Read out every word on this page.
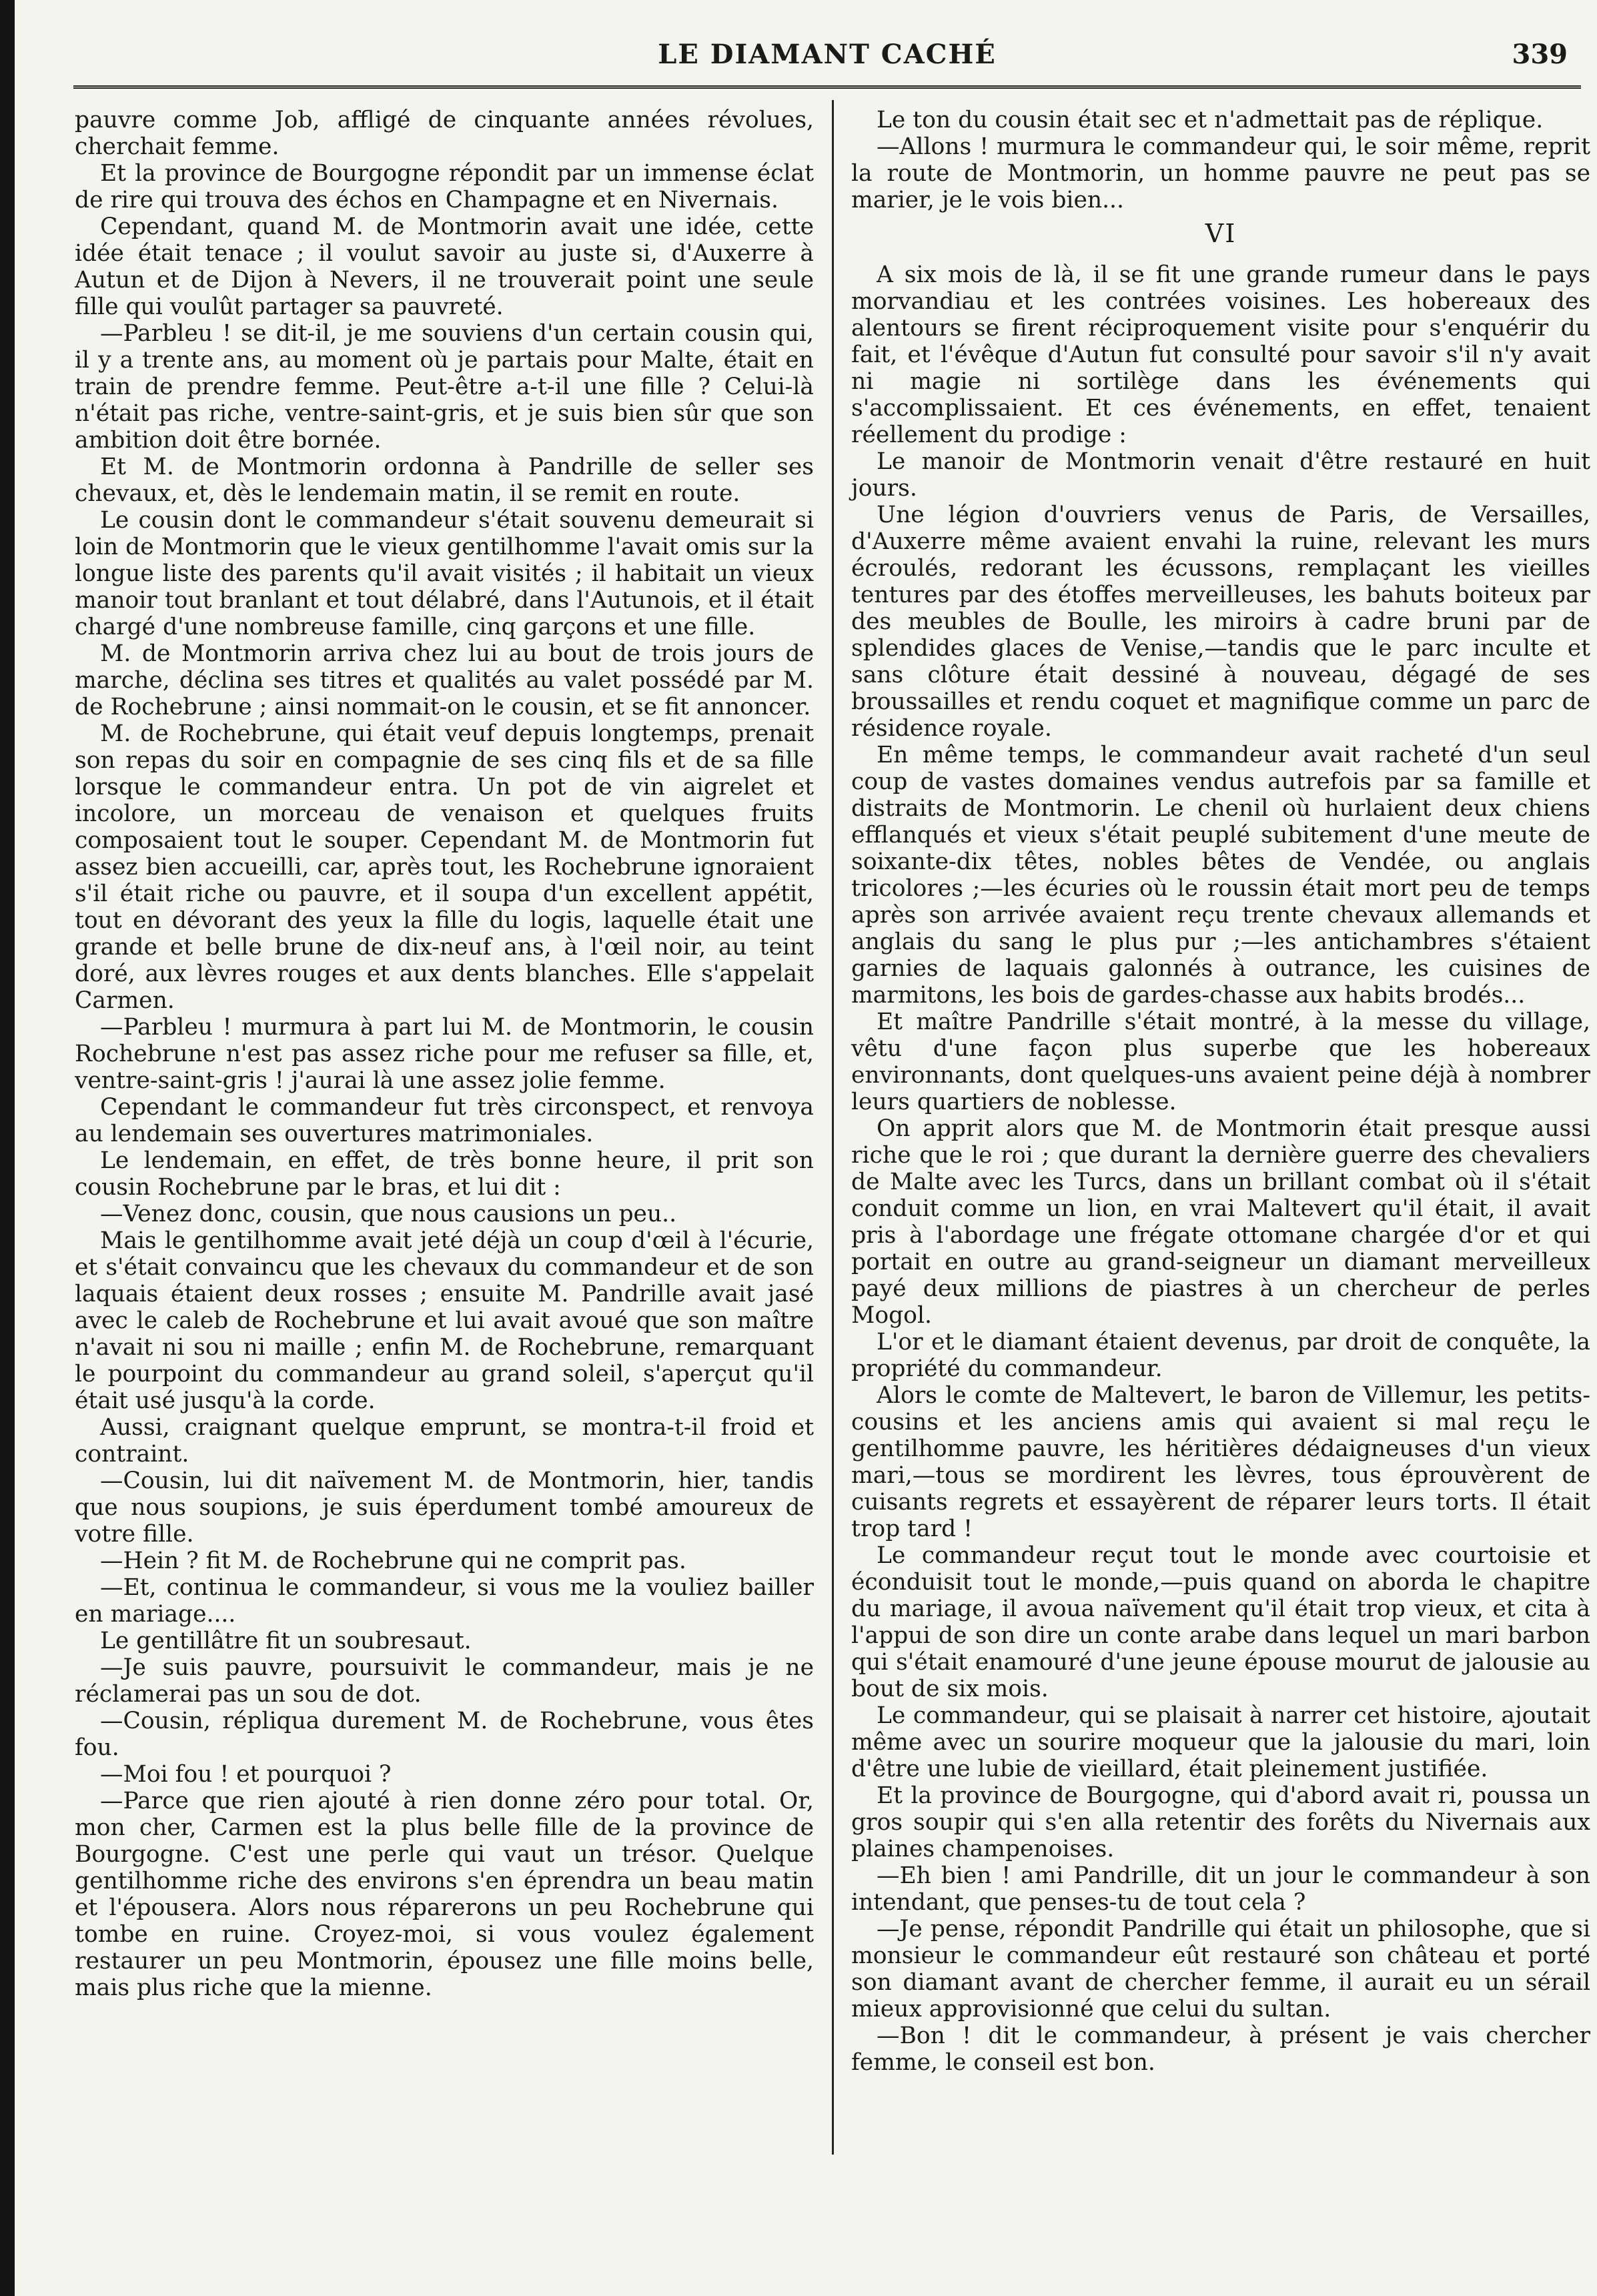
LE DIAMANT CACHÉ	339

pauvre comme Job, affligé de cinquante années révolues, cherchait femme.

Et la province de Bourgogne répondit par un immense éclat de rire qui trouva des échos en Champagne et en Nivernais.

Cependant, quand M. de Montmorin avait une idée, cette idée était tenace ; il voulut savoir au juste si, d'Auxerre à Autun et de Dijon à Nevers, il ne trouverait point une seule fille qui voulût partager sa pauvreté.

—Parbleu ! se dit-il, je me souviens d'un certain cousin qui, il y a trente ans, au moment où je partais pour Malte, était en train de prendre femme. Peut-être a-t-il une fille ? Celui-là n'était pas riche, ventre-saint-gris, et je suis bien sûr que son ambition doit être bornée.

Et M. de Montmorin ordonna à Pandrille de seller ses chevaux, et, dès le lendemain matin, il se remit en route.

Le cousin dont le commandeur s'était souvenu demeurait si loin de Montmorin que le vieux gentilhomme l'avait omis sur la longue liste des parents qu'il avait visités ; il habitait un vieux manoir tout branlant et tout délabré, dans l'Autunois, et il était chargé d'une nombreuse famille, cinq garçons et une fille.

M. de Montmorin arriva chez lui au bout de trois jours de marche, déclina ses titres et qualités au valet possédé par M. de Rochebrune ; ainsi nommait-on le cousin, et se fit annoncer.

M. de Rochebrune, qui était veuf depuis longtemps, prenait son repas du soir en compagnie de ses cinq fils et de sa fille lorsque le commandeur entra. Un pot de vin aigrelet et incolore, un morceau de venaison et quelques fruits composaient tout le souper. Cependant M. de Montmorin fut assez bien accueilli, car, après tout, les Rochebrune ignoraient s'il était riche ou pauvre, et il soupa d'un excellent appétit, tout en dévorant des yeux la fille du logis, laquelle était une grande et belle brune de dix-neuf ans, à l'œil noir, au teint doré, aux lèvres rouges et aux dents blanches. Elle s'appelait Carmen.

—Parbleu ! murmura à part lui M. de Montmorin, le cousin Rochebrune n'est pas assez riche pour me refuser sa fille, et, ventre-saint-gris ! j'aurai là une assez jolie femme.

Cependant le commandeur fut très circonspect, et renvoya au lendemain ses ouvertures matrimoniales.

Le lendemain, en effet, de très bonne heure, il prit son cousin Rochebrune par le bras, et lui dit :

—Venez donc, cousin, que nous causions un peu..

Mais le gentilhomme avait jeté déjà un coup d'œil à l'écurie, et s'était convaincu que les chevaux du commandeur et de son laquais étaient deux rosses ; ensuite M. Pandrille avait jasé avec le caleb de Rochebrune et lui avait avoué que son maître n'avait ni sou ni maille ; enfin M. de Rochebrune, remarquant le pourpoint du commandeur au grand soleil, s'aperçut qu'il était usé jusqu'à la corde.

Aussi, craignant quelque emprunt, se montra-t-il froid et contraint.

—Cousin, lui dit naïvement M. de Montmorin, hier, tandis que nous soupions, je suis éperdument tombé amoureux de votre fille.

—Hein ? fit M. de Rochebrune qui ne comprit pas.

—Et, continua le commandeur, si vous me la vouliez bailler en mariage....

Le gentillâtre fit un soubresaut.

—Je suis pauvre, poursuivit le commandeur, mais je ne réclamerai pas un sou de dot.

—Cousin, répliqua durement M. de Rochebrune, vous êtes fou.

—Moi fou ! et pourquoi ?

—Parce que rien ajouté à rien donne zéro pour total. Or, mon cher, Carmen est la plus belle fille de la province de Bourgogne. C'est une perle qui vaut un trésor. Quelque gentilhomme riche des environs s'en éprendra un beau matin et l'épousera. Alors nous réparerons un peu Rochebrune qui tombe en ruine. Croyez-moi, si vous voulez également restaurer un peu Montmorin, épousez une fille moins belle, mais plus riche que la mienne.

Le ton du cousin était sec et n'admettait pas de réplique.

—Allons ! murmura le commandeur qui, le soir même, reprit la route de Montmorin, un homme pauvre ne peut pas se marier, je le vois bien...

VI

A six mois de là, il se fit une grande rumeur dans le pays morvandiau et les contrées voisines. Les hobereaux des alentours se firent réciproquement visite pour s'enquérir du fait, et l'évêque d'Autun fut consulté pour savoir s'il n'y avait ni magie ni sortilège dans les événements qui s'accomplissaient. Et ces événements, en effet, tenaient réellement du prodige :

Le manoir de Montmorin venait d'être restauré en huit jours.

Une légion d'ouvriers venus de Paris, de Versailles, d'Auxerre même avaient envahi la ruine, relevant les murs écroulés, redorant les écussons, remplaçant les vieilles tentures par des étoffes merveilleuses, les bahuts boiteux par des meubles de Boulle, les miroirs à cadre bruni par de splendides glaces de Venise,—tandis que le parc inculte et sans clôture était dessiné à nouveau, dégagé de ses broussailles et rendu coquet et magnifique comme un parc de résidence royale.

En même temps, le commandeur avait racheté d'un seul coup de vastes domaines vendus autrefois par sa famille et distraits de Montmorin. Le chenil où hurlaient deux chiens efflanqués et vieux s'était peuplé subitement d'une meute de soixante-dix têtes, nobles bêtes de Vendée, ou anglais tricolores ;—les écuries où le roussin était mort peu de temps après son arrivée avaient reçu trente chevaux allemands et anglais du sang le plus pur ;—les antichambres s'étaient garnies de laquais galonnés à outrance, les cuisines de marmitons, les bois de gardes-chasse aux habits brodés...

Et maître Pandrille s'était montré, à la messe du village, vêtu d'une façon plus superbe que les hobereaux environnants, dont quelques-uns avaient peine déjà à nombrer leurs quartiers de noblesse.

On apprit alors que M. de Montmorin était presque aussi riche que le roi ; que durant la dernière guerre des chevaliers de Malte avec les Turcs, dans un brillant combat où il s'était conduit comme un lion, en vrai Maltevert qu'il était, il avait pris à l'abordage une frégate ottomane chargée d'or et qui portait en outre au grand-seigneur un diamant merveilleux payé deux millions de piastres à un chercheur de perles Mogol.

L'or et le diamant étaient devenus, par droit de conquête, la propriété du commandeur.

Alors le comte de Maltevert, le baron de Villemur, les petits-cousins et les anciens amis qui avaient si mal reçu le gentilhomme pauvre, les héritières dédaigneuses d'un vieux mari,—tous se mordirent les lèvres, tous éprouvèrent de cuisants regrets et essayèrent de réparer leurs torts. Il était trop tard !

Le commandeur reçut tout le monde avec courtoisie et éconduisit tout le monde,—puis quand on aborda le chapitre du mariage, il avoua naïvement qu'il était trop vieux, et cita à l'appui de son dire un conte arabe dans lequel un mari barbon qui s'était enamouré d'une jeune épouse mourut de jalousie au bout de six mois.

Le commandeur, qui se plaisait à narrer cet histoire, ajoutait même avec un sourire moqueur que la jalousie du mari, loin d'être une lubie de vieillard, était pleinement justifiée.

Et la province de Bourgogne, qui d'abord avait ri, poussa un gros soupir qui s'en alla retentir des forêts du Nivernais aux plaines champenoises.

—Eh bien ! ami Pandrille, dit un jour le commandeur à son intendant, que penses-tu de tout cela ?

—Je pense, répondit Pandrille qui était un philosophe, que si monsieur le commandeur eût restauré son château et porté son diamant avant de chercher femme, il aurait eu un sérail mieux approvisionné que celui du sultan.

—Bon ! dit le commandeur, à présent je vais chercher femme, le conseil est bon.
